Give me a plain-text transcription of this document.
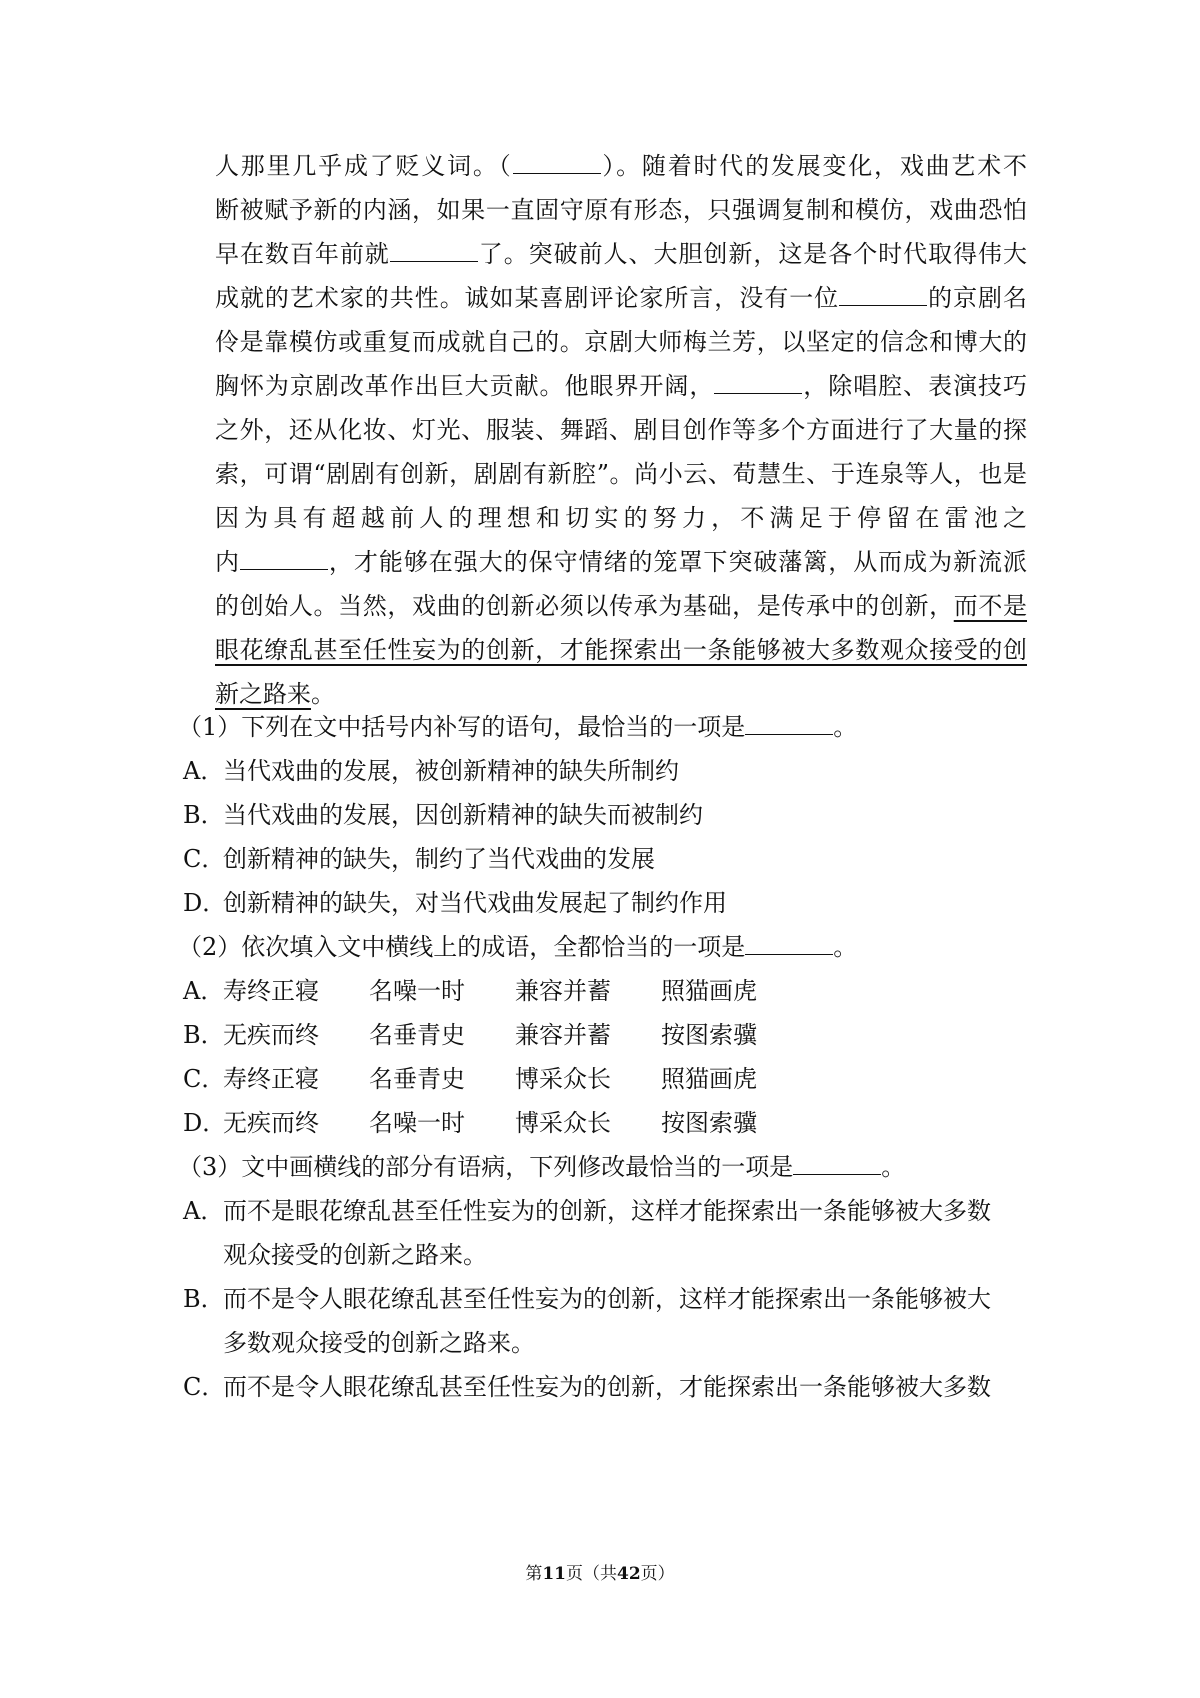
人那里几乎成了贬义词。（	）。随着时代的发展变化，戏曲艺术不
断被赋予新的内涵，如果一直固守原有形态，只强调复制和模仿，戏曲恐怕
早在数百年前就	了。突破前人、大胆创新，这是各个时代取得伟大
成就的艺术家的共性。诚如某喜剧评论家所言，没有一位	的京剧名
伶是靠模仿或重复而成就自己的。京剧大师梅兰芳，以坚定的信念和博大的
胸怀为京剧改革作出巨大贡献。他眼界开阔，	，除唱腔、表演技巧
之外，还从化妆、灯光、服装、舞蹈、剧目创作等多个方面进行了大量的探
索，可谓“剧剧有创新，剧剧有新腔”。尚小云、荀慧生、于连泉等人，也是
因为具有超越前人的理想和切实的努力，不满足于停留在雷池之
内	，才能够在强大的保守情绪的笼罩下突破藩篱，从而成为新流派
的创始人。当然，戏曲的创新必须以传承为基础，是传承中的创新，而不是
眼花缭乱甚至任性妄为的创新，才能探索出一条能够被大多数观众接受的创
新之路来。
（1）下列在文中括号内补写的语句，最恰当的一项是	。
A．当代戏曲的发展，被创新精神的缺失所制约
B．当代戏曲的发展，因创新精神的缺失而被制约
C．创新精神的缺失，制约了当代戏曲的发展
D．创新精神的缺失，对当代戏曲发展起了制约作用
（2）依次填入文中横线上的成语，全都恰当的一项是	。
A．寿终正寝 名噪一时 兼容并蓄 照猫画虎
B．无疾而终 名垂青史 兼容并蓄 按图索骥
C．寿终正寝 名垂青史 博采众长 照猫画虎
D．无疾而终 名噪一时 博采众长 按图索骥
（3）文中画横线的部分有语病，下列修改最恰当的一项是	。
A．而不是眼花缭乱甚至任性妄为的创新，这样才能探索出一条能够被大多数
观众接受的创新之路来。
B．而不是令人眼花缭乱甚至任性妄为的创新，这样才能探索出一条能够被大
多数观众接受的创新之路来。
C．而不是令人眼花缭乱甚至任性妄为的创新，才能探索出一条能够被大多数
第11页（共42页）
